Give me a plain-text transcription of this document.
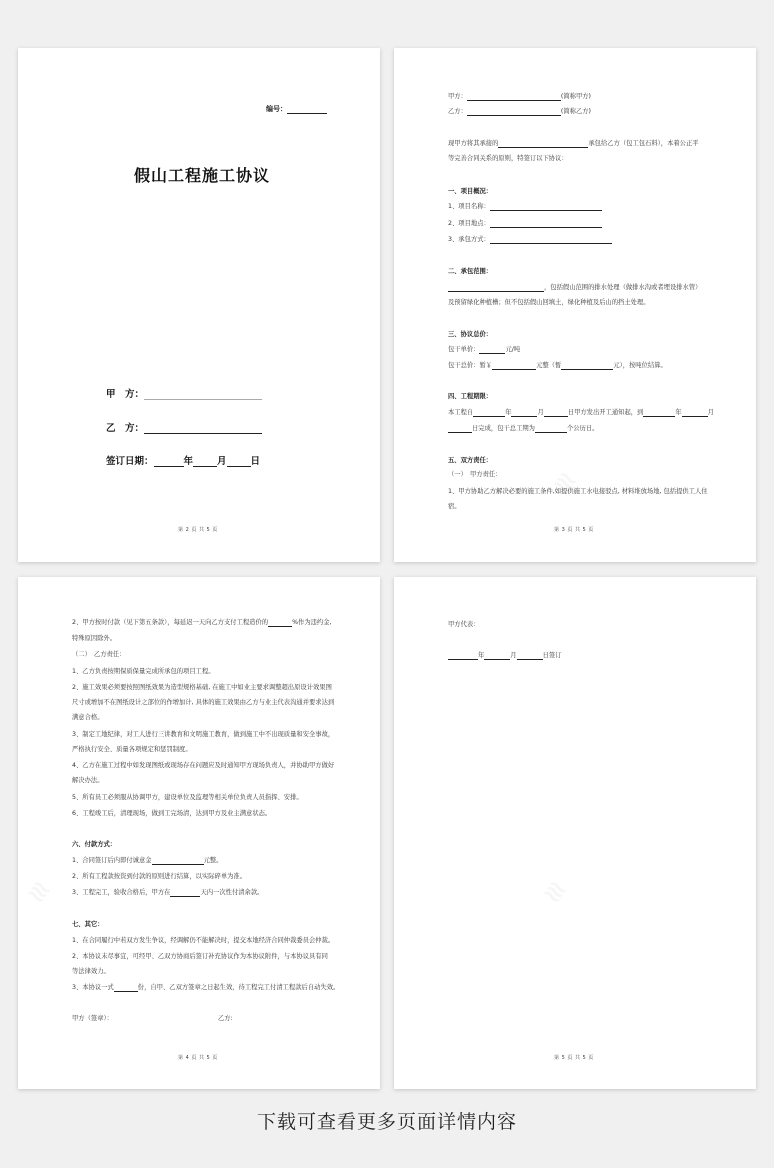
编号：
假山工程施工协议
甲　方：
乙　方：
签订日期：	年	月	日
第 2 页 共 5 页
甲方：	(简称甲方)
乙方：	(简称乙方)
现甲方将其承接的	承包给乙方（包工包石料），本着公正平
等完善合同关系的原则，特签订以下协议：
一、项目概况：
1、项目名称：
2、项目地点：
3、承包方式：
二、承包范围：
，包括假山范围的排水处理（做排水沟或者埋设排水管）
及预留绿化种植槽；但不包括假山回填土，绿化种植及后山的挡土处理。
三、协议总价：
包干单价：	元/吨
包干总价：暂￥	元整（暂	元），按吨位结算。
四、工程期限：
本工程自	年	月	日甲方发出开工通知起，到	年	月
日完成，包干总工期为	个公历日。
五、双方责任：
（一）　甲方责任：
1、甲方协助乙方解决必要的施工条件,如提供施工水电接驳点, 材料堆放场地, 包括提供工人住
宿。
第 3 页 共 5 页
2、甲方按时付款（见下第五条款），每延迟一天向乙方支付工程造价的	%作为违约金,
特殊原因除外。
（二）　乙方责任：
1、乙方负责按期保质保量完成所承包的项目工程。
2、施工效果必须要按照图纸效果为造型规格基础, 在施工中如业主要求调整超出原设计效果图
尺寸或增加不在图纸设计之部位的作增加计, 具体的施工效果由乙方与业主代表沟通并要求达到
满意合格。
3、制定工地纪律，对工人进行三讲教育和文明施工教育，做到施工中不出现质量和安全事故，
严格执行安全、质量各项规定和惩罚制度。
4、乙方在施工过程中如发现图纸或现场存在问题应及时通知甲方现场负责人，并协助甲方做好
解决办法。
5、所有员工必须服从协调甲方，建设单位及监理等相关单位负责人员指挥、安排。
6、工程竣工后，清理现场，做到工完场清，达到甲方及业主满意状态。
六、付款方式：
1、合同签订后内即付诚意金	元整。
2、所有工程款按资到付款的原则进行结算，以实际碎单为准。
3、工程完工，验收合格后，甲方在	天内一次性付清余款。
七、其它：
1、在合同履行中若双方发生争议，经调解仍不能解决时，提交本地经济合同仲裁委员会仲裁。
2、本协议未尽事宜，可经甲、乙双方协商后签订补充协议作为本协议附件，与本协议具有同
等法律效力。
3、本协议一式	份，自甲、乙双方签章之日起生效，待工程完工付清工程款后自动失效。
甲方（签章）：	乙方:
第 4 页 共 5 页
甲方代表：
年	月	日签订
第 5 页 共 5 页
下载可查看更多页面详情内容
